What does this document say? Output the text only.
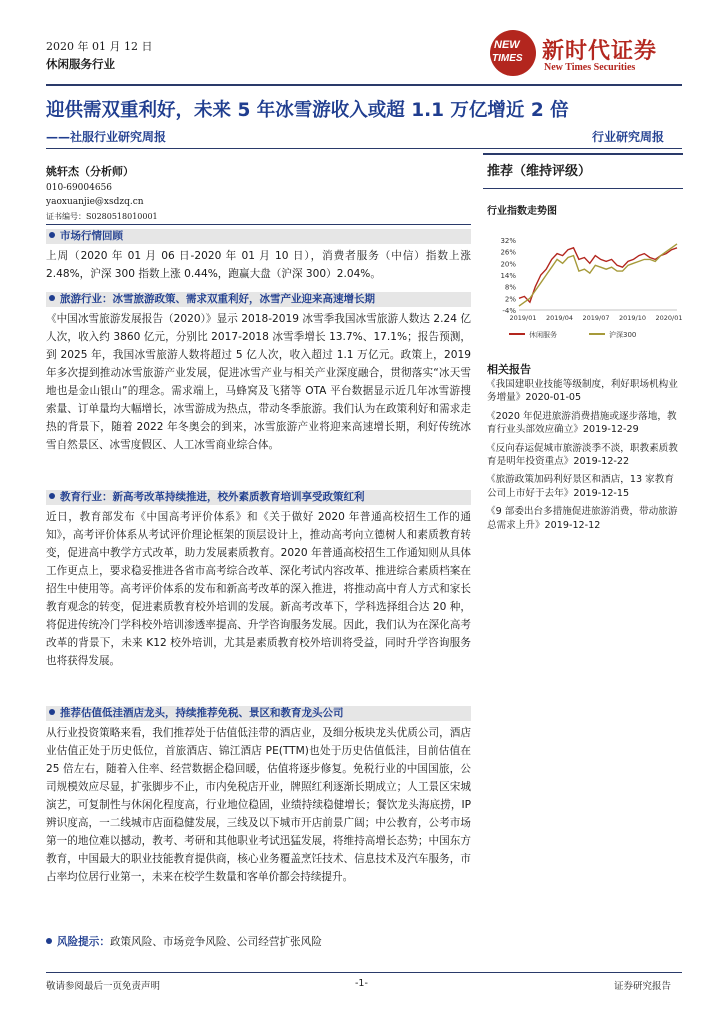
2020 年 01 月 12 日
休闲服务行业
NEW
TIMES 新时代证券
New Times Securities
迎供需双重利好，未来 5 年冰雪游收入或超 1.1 万亿增近 2 倍
——社服行业研究周报	行业研究周报
姚轩杰（分析师）
010-69004656
yaoxuanjie@xsdzq.cn
证书编号：S0280518010001
市场行情回顾
上周（2020 年 01 月 06 日-2020 年 01 月 10 日），消费者服务（中信）指数上涨 2.48%，沪深 300 指数上涨 0.44%，跑赢大盘（沪深 300）2.04%。
旅游行业：冰雪旅游政策、需求双重利好，冰雪产业迎来高速增长期
《中国冰雪旅游发展报告（2020）》显示 2018-2019 冰雪季我国冰雪旅游人数达 2.24 亿人次，收入约 3860 亿元，分别比 2017-2018 冰雪季增长 13.7%、17.1%；报告预测，到 2025 年，我国冰雪旅游人数将超过 5 亿人次，收入超过 1.1 万亿元。政策上，2019 年多次提到推动冰雪旅游产业发展，促进冰雪产业与相关产业深度融合，贯彻落实“冰天雪地也是金山银山”的理念。需求端上，马蜂窝及飞猪等 OTA 平台数据显示近几年冰雪游搜索量、订单量均大幅增长，冰雪游成为热点，带动冬季旅游。我们认为在政策利好和需求走热的背景下，随着 2022 年冬奥会的到来，冰雪旅游产业将迎来高速增长期，利好传统冰雪自然景区、冰雪度假区、人工冰雪商业综合体。
教育行业：新高考改革持续推进，校外素质教育培训享受政策红利
近日，教育部发布《中国高考评价体系》和《关于做好 2020 年普通高校招生工作的通知》，高考评价体系从考试评价理论框架的顶层设计上，推动高考向立德树人和素质教育转变，促进高中教学方式改革，助力发展素质教育。2020 年普通高校招生工作通知则从具体工作更点上，要求稳妥推进各省市高考综合改革、深化考试内容改革、推进综合素质档案在招生中使用等。高考评价体系的发布和新高考改革的深入推进，将推动高中育人方式和家长教育观念的转变，促进素质教育校外培训的发展。新高考改革下，学科选择组合达 20 种，将促进传统冷门学科校外培训渗透率提高、升学咨询服务发展。因此，我们认为在深化高考改革的背景下，未来 K12 校外培训，尤其是素质教育校外培训将受益，同时升学咨询服务也将获得发展。
推荐估值低洼酒店龙头，持续推荐免税、景区和教育龙头公司
从行业投资策略来看，我们推荐处于估值低洼带的酒店业，及细分板块龙头优质公司，酒店业估值正处于历史低位，首旅酒店、锦江酒店 PE(TTM)也处于历史估值低洼，目前估值在 25 倍左右，随着入住率、经营数据企稳回暖，估值将逐步修复。免税行业的中国国旅，公司规模效应尽显，扩张脚步不止，市内免税店开业，牌照红利逐渐长期成立；人工景区宋城演艺，可复制性与休闲化程度高，行业地位稳固，业绩持续稳健增长；餐饮龙头海底捞，IP 辨识度高，一二线城市店面稳健发展，三线及以下城市开店前景广阔；中公教育，公考市场第一的地位难以撼动，教考、考研和其他职业考试迅猛发展，将维持高增长态势；中国东方教育，中国最大的职业技能教育提供商，核心业务覆盖烹饪技术、信息技术及汽车服务，市占率均位居行业第一，未来在校学生数量和客单价都会持续提升。
风险提示：政策风险、市场竞争风险、公司经营扩张风险
推荐（维持评级）
行业指数走势图
32%
26%
20%
14%
8%
2%
-4%
2019/01 2019/04 2019/07 2019/10 2020/01
休闲服务	沪深300
相关报告
《我国建职业技能等级制度，利好职场机构业务增量》2020-01-05
《2020 年促进旅游消费措施或逐步落地，教育行业头部效应确立》2019-12-29
《反向春运促城市旅游淡季不淡，职教素质教育是明年投资重点》2019-12-22
《旅游政策加码利好景区和酒店，13 家教育公司上市好于去年》2019-12-15
《9 部委出台多措施促进旅游消费，带动旅游总需求上升》2019-12-12
敬请参阅最后一页免责声明	-1-	证券研究报告
